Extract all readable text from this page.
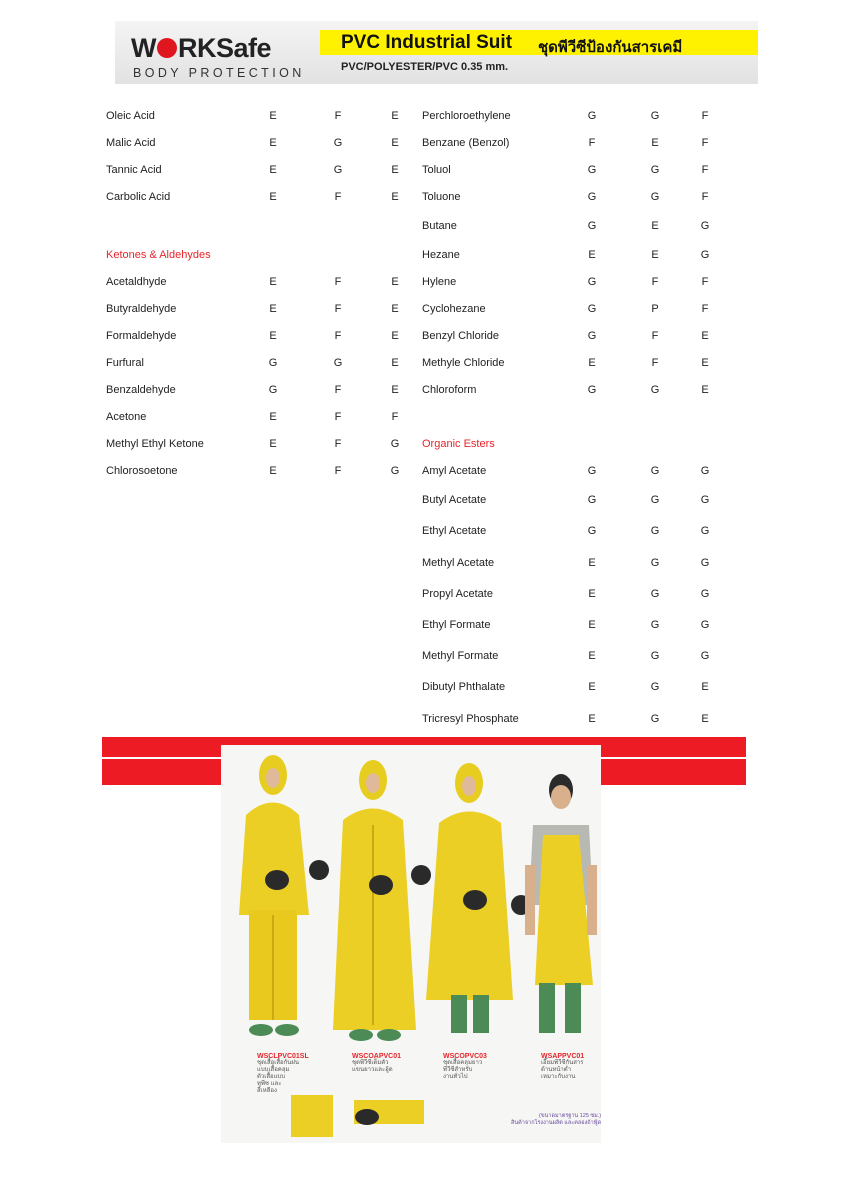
W RKSafe
BODY PROTECTION
PVC Industrial Suit ชุดพีวีซีป้องกันสารเคมี
PVC/POLYESTER/PVC 0.35 mm.
Oleic Acid	E	F	E
Malic Acid	E	G	E
Tannic Acid	E	G	E
Carbolic Acid	E	F	E
Ketones & Aldehydes
Acetaldhyde	E	F	E
Butyraldehyde	E	F	E
Formaldehyde	E	F	E
Furfural	G	G	E
Benzaldehyde	G	F	E
Acetone	E	F	F
Methyl Ethyl Ketone	E	F	G
Chlorosoetone	E	F	G
Perchloroethylene	G	G	F
Benzane (Benzol)	F	E	F
Toluol	G	G	F
Toluone	G	G	F
Butane	G	E	G
Hezane	E	E	G
Hylene	G	F	F
Cyclohezane	G	P	F
Benzyl Chloride	G	F	E
Methyle Chloride	E	F	E
Chloroform	G	G	E
Organic Esters
Amyl Acetate	G	G	G
Butyl Acetate	G	G	G
Ethyl Acetate	G	G	G
Methyl Acetate	E	G	G
Propyl Acetate	E	G	G
Ethyl Formate	E	G	G
Methyl Formate	E	G	G
Dibutyl Phthalate	E	G	E
Tricresyl Phosphate	E	G	E
WSCLPVC01SL
ชุดเสื้อเสื้อกันฝน
แบบเสื้อคลุม
ตัวเสื้อแบบ
ทูพีซ และ
สีเหลือง
WSCOAPVC01
ชุดพีวีซีเต็มตัว
แขนยาวและฮู้ด
WSCOPVC03
ชุดเสื้อคลุมยาว
พีวีซีสำหรับ
งานทั่วไป
WSAPPVC01
เอี๊ยมพีวีซีกันสาร
ด้านหน้าต่ำ
เหมาะกับงาน
(ขนาดมาตรฐาน 125 ซม.)
สินค้าจากโรงงานผลิต และคลองถ้าฟู้ด
